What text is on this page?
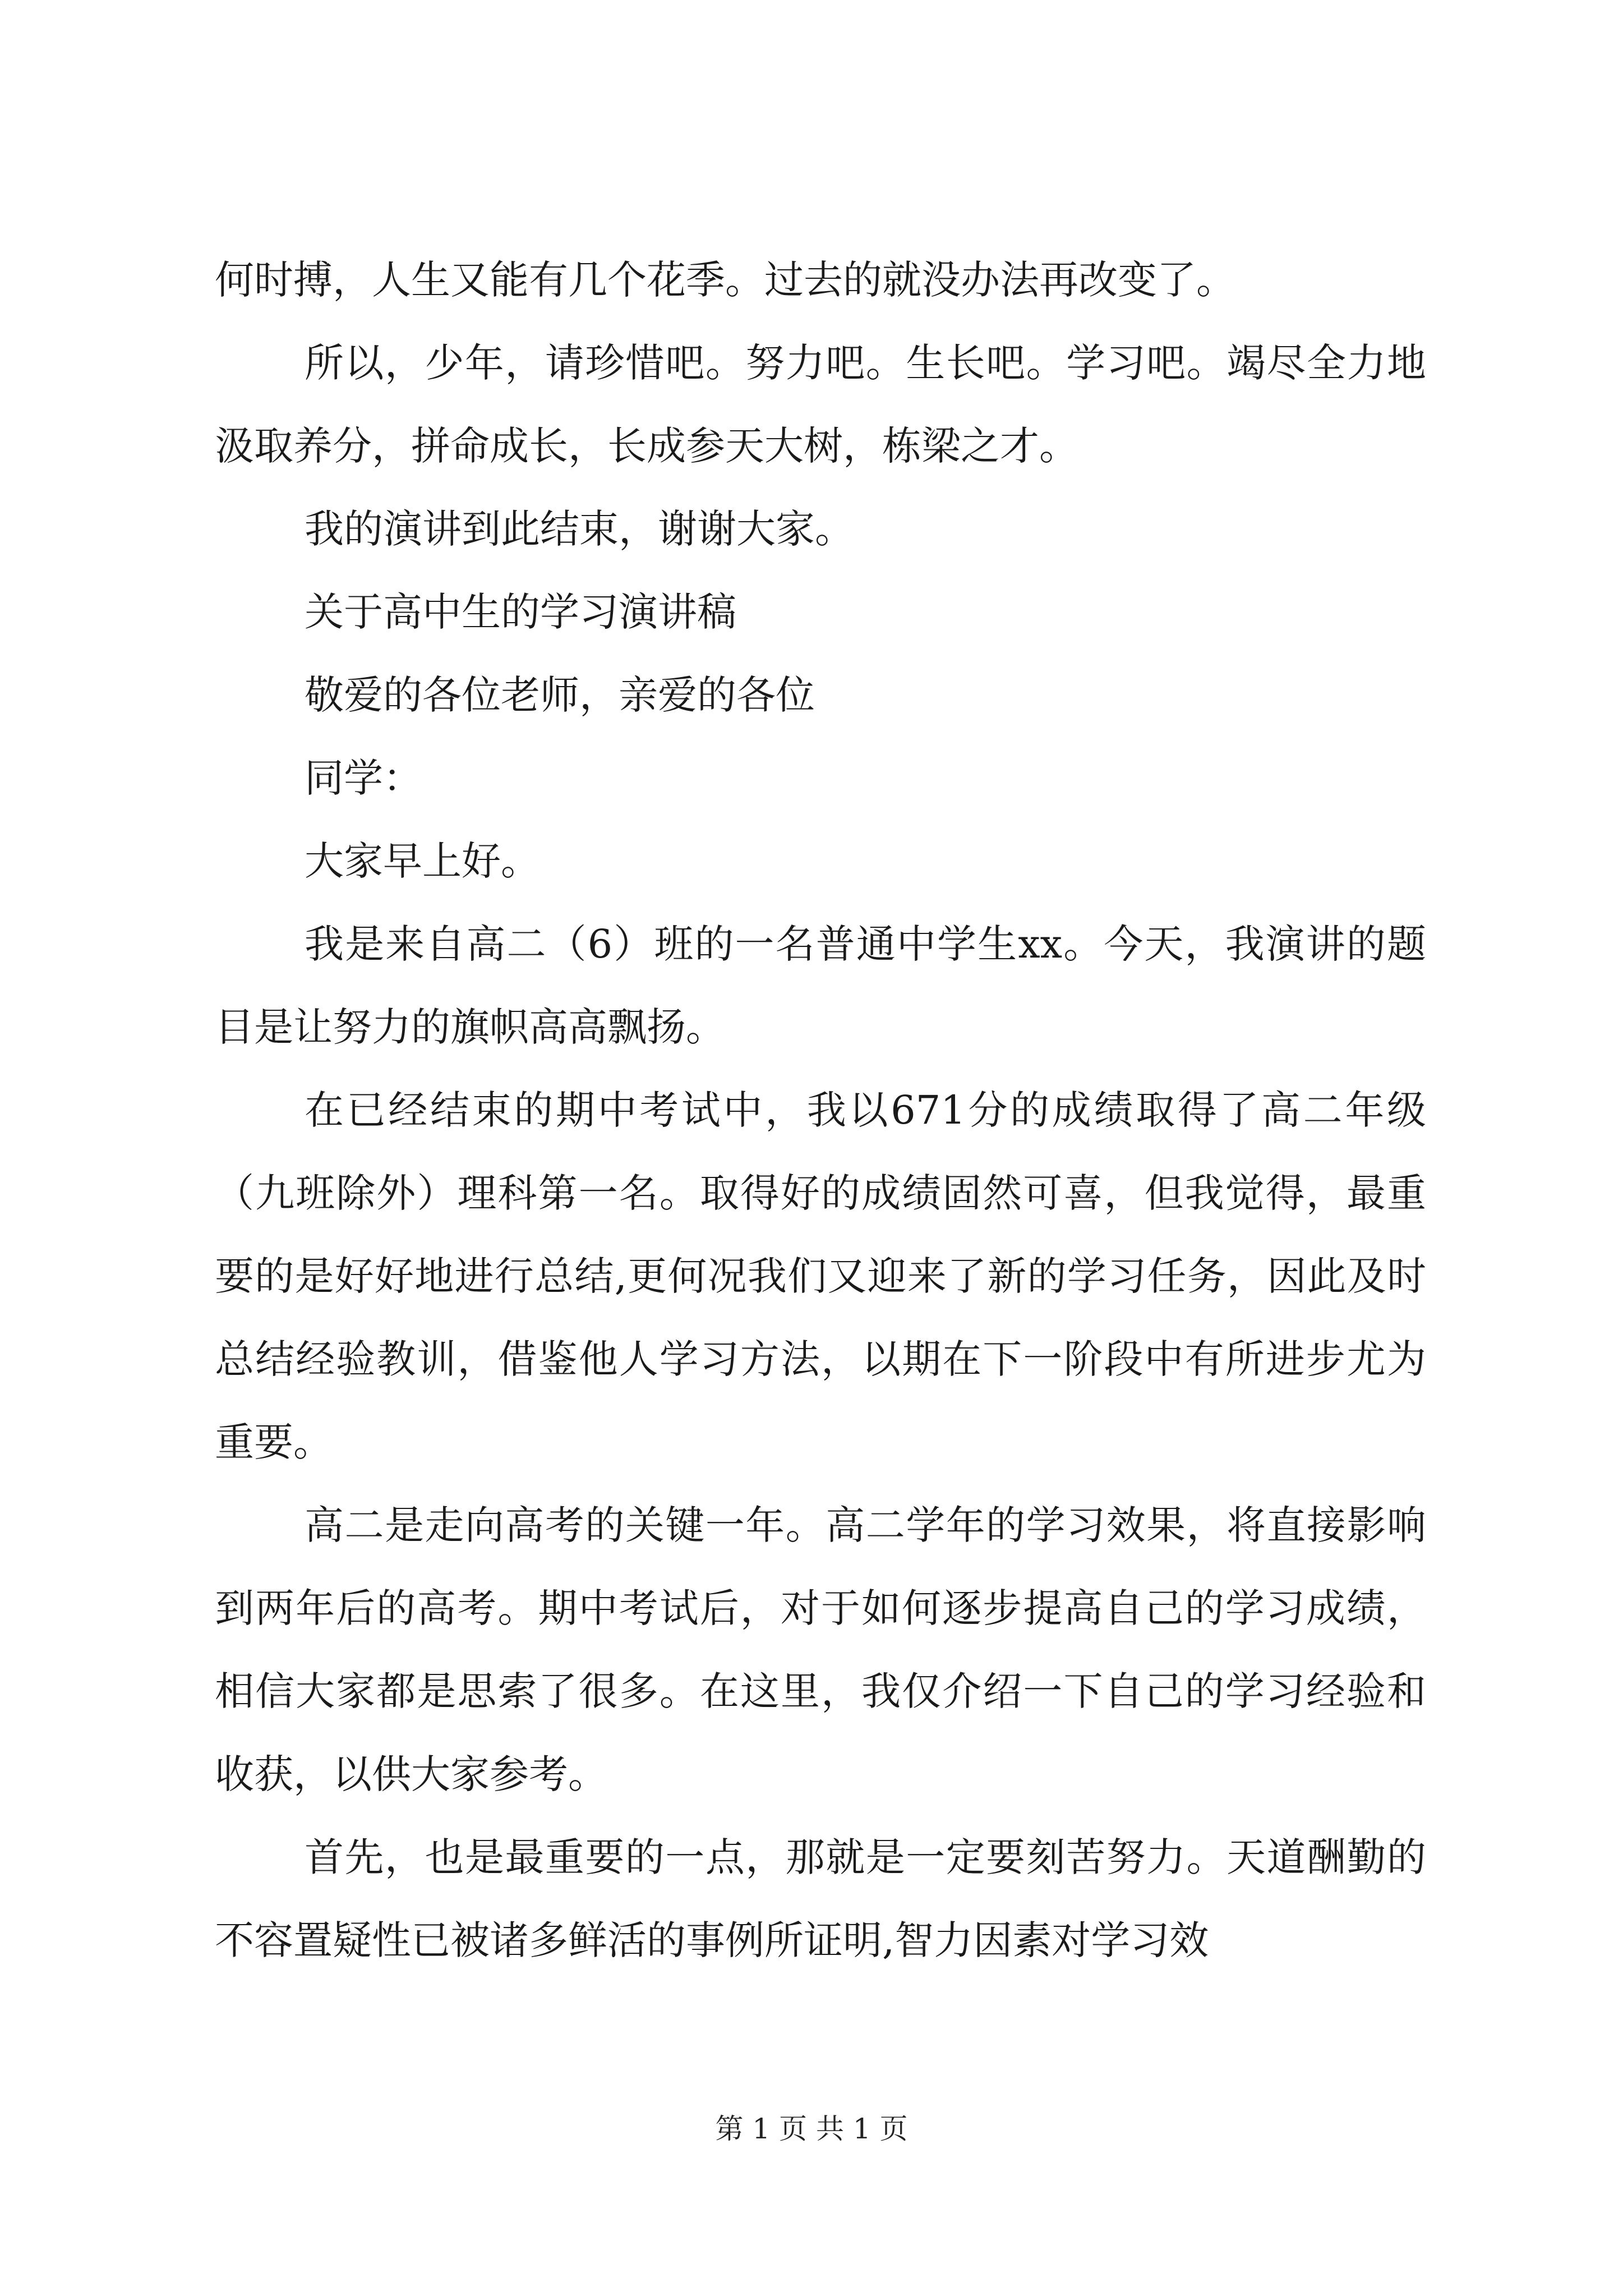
何时搏，人生又能有几个花季。过去的就没办法再改变了。

所以，少年，请珍惜吧。努力吧。生长吧。学习吧。竭尽全力地汲取养分，拼命成长，长成参天大树，栋梁之才。

我的演讲到此结束，谢谢大家。

关于高中生的学习演讲稿

敬爱的各位老师，亲爱的各位

同学：

大家早上好。

我是来自高二（6）班的一名普通中学生xx。今天，我演讲的题目是让努力的旗帜高高飘扬。

在已经结束的期中考试中，我以671分的成绩取得了高二年级（九班除外）理科第一名。取得好的成绩固然可喜，但我觉得，最重要的是好好地进行总结,更何况我们又迎来了新的学习任务，因此及时总结经验教训，借鉴他人学习方法，以期在下一阶段中有所进步尤为重要。

高二是走向高考的关键一年。高二学年的学习效果，将直接影响到两年后的高考。期中考试后，对于如何逐步提高自己的学习成绩，相信大家都是思索了很多。在这里，我仅介绍一下自己的学习经验和收获，以供大家参考。

首先，也是最重要的一点，那就是一定要刻苦努力。天道酬勤的不容置疑性已被诸多鲜活的事例所证明,智力因素对学习效

第 1 页 共 1 页
